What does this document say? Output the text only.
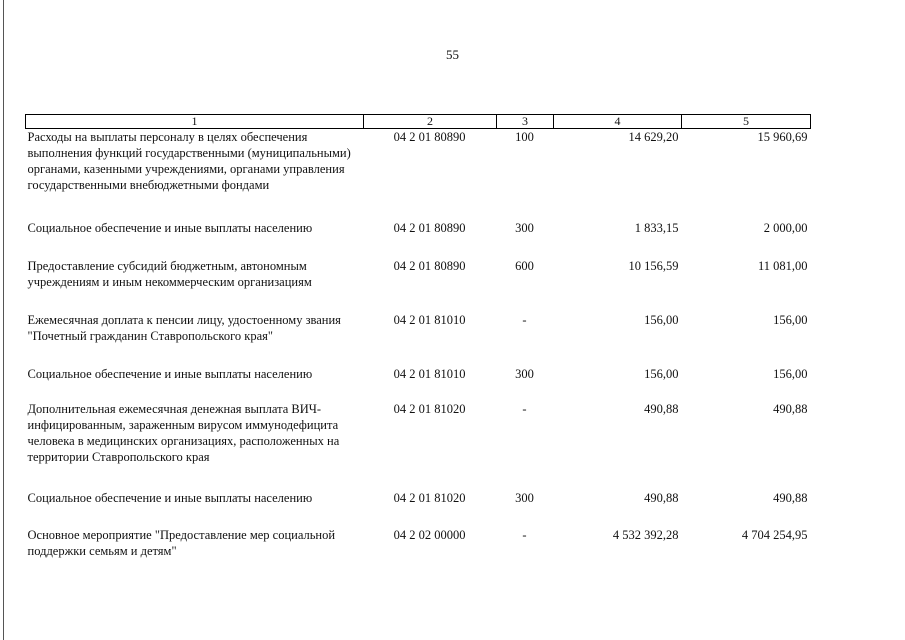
55
1	2	3	4	5
Расходы на выплаты персоналу в целях обеспечения выполнения функций государственными (муниципальными) органами, казенными учреждениями, органами управления государственными внебюджетными фондами	04 2 01 80890	100	14 629,20	15 960,69
Социальное обеспечение и иные выплаты населению	04 2 01 80890	300	1 833,15	2 000,00
Предоставление субсидий бюджетным, автономным учреждениям и иным некоммерческим организациям	04 2 01 80890	600	10 156,59	11 081,00
Ежемесячная доплата к пенсии лицу, удостоенному звания "Почетный гражданин Ставропольского края"	04 2 01 81010	-	156,00	156,00
Социальное обеспечение и иные выплаты населению	04 2 01 81010	300	156,00	156,00
Дополнительная ежемесячная денежная выплата ВИЧ-инфицированным, зараженным вирусом иммунодефицита человека в медицинских организациях, расположенных на территории Ставропольского края	04 2 01 81020	-	490,88	490,88
Социальное обеспечение и иные выплаты населению	04 2 01 81020	300	490,88	490,88
Основное мероприятие "Предоставление мер социальной поддержки семьям и детям"	04 2 02 00000	-	4 532 392,28	4 704 254,95
